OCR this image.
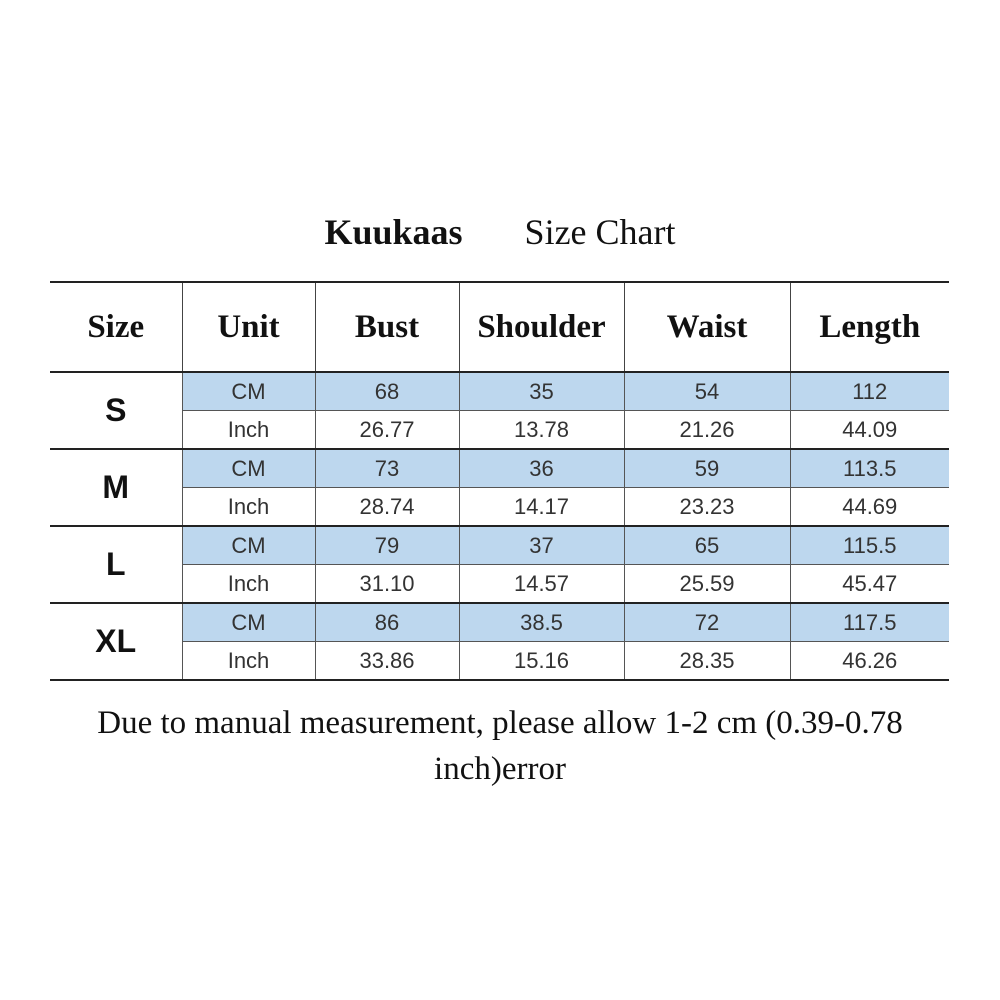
Kuukaas Size Chart
Size	Unit	Bust	Shoulder	Waist	Length
S	CM	68	35	54	112
	Inch	26.77	13.78	21.26	44.09
M	CM	73	36	59	113.5
	Inch	28.74	14.17	23.23	44.69
L	CM	79	37	65	115.5
	Inch	31.10	14.57	25.59	45.47
XL	CM	86	38.5	72	117.5
	Inch	33.86	15.16	28.35	46.26
Due to manual measurement, please allow 1-2 cm (0.39-0.78 inch)error
